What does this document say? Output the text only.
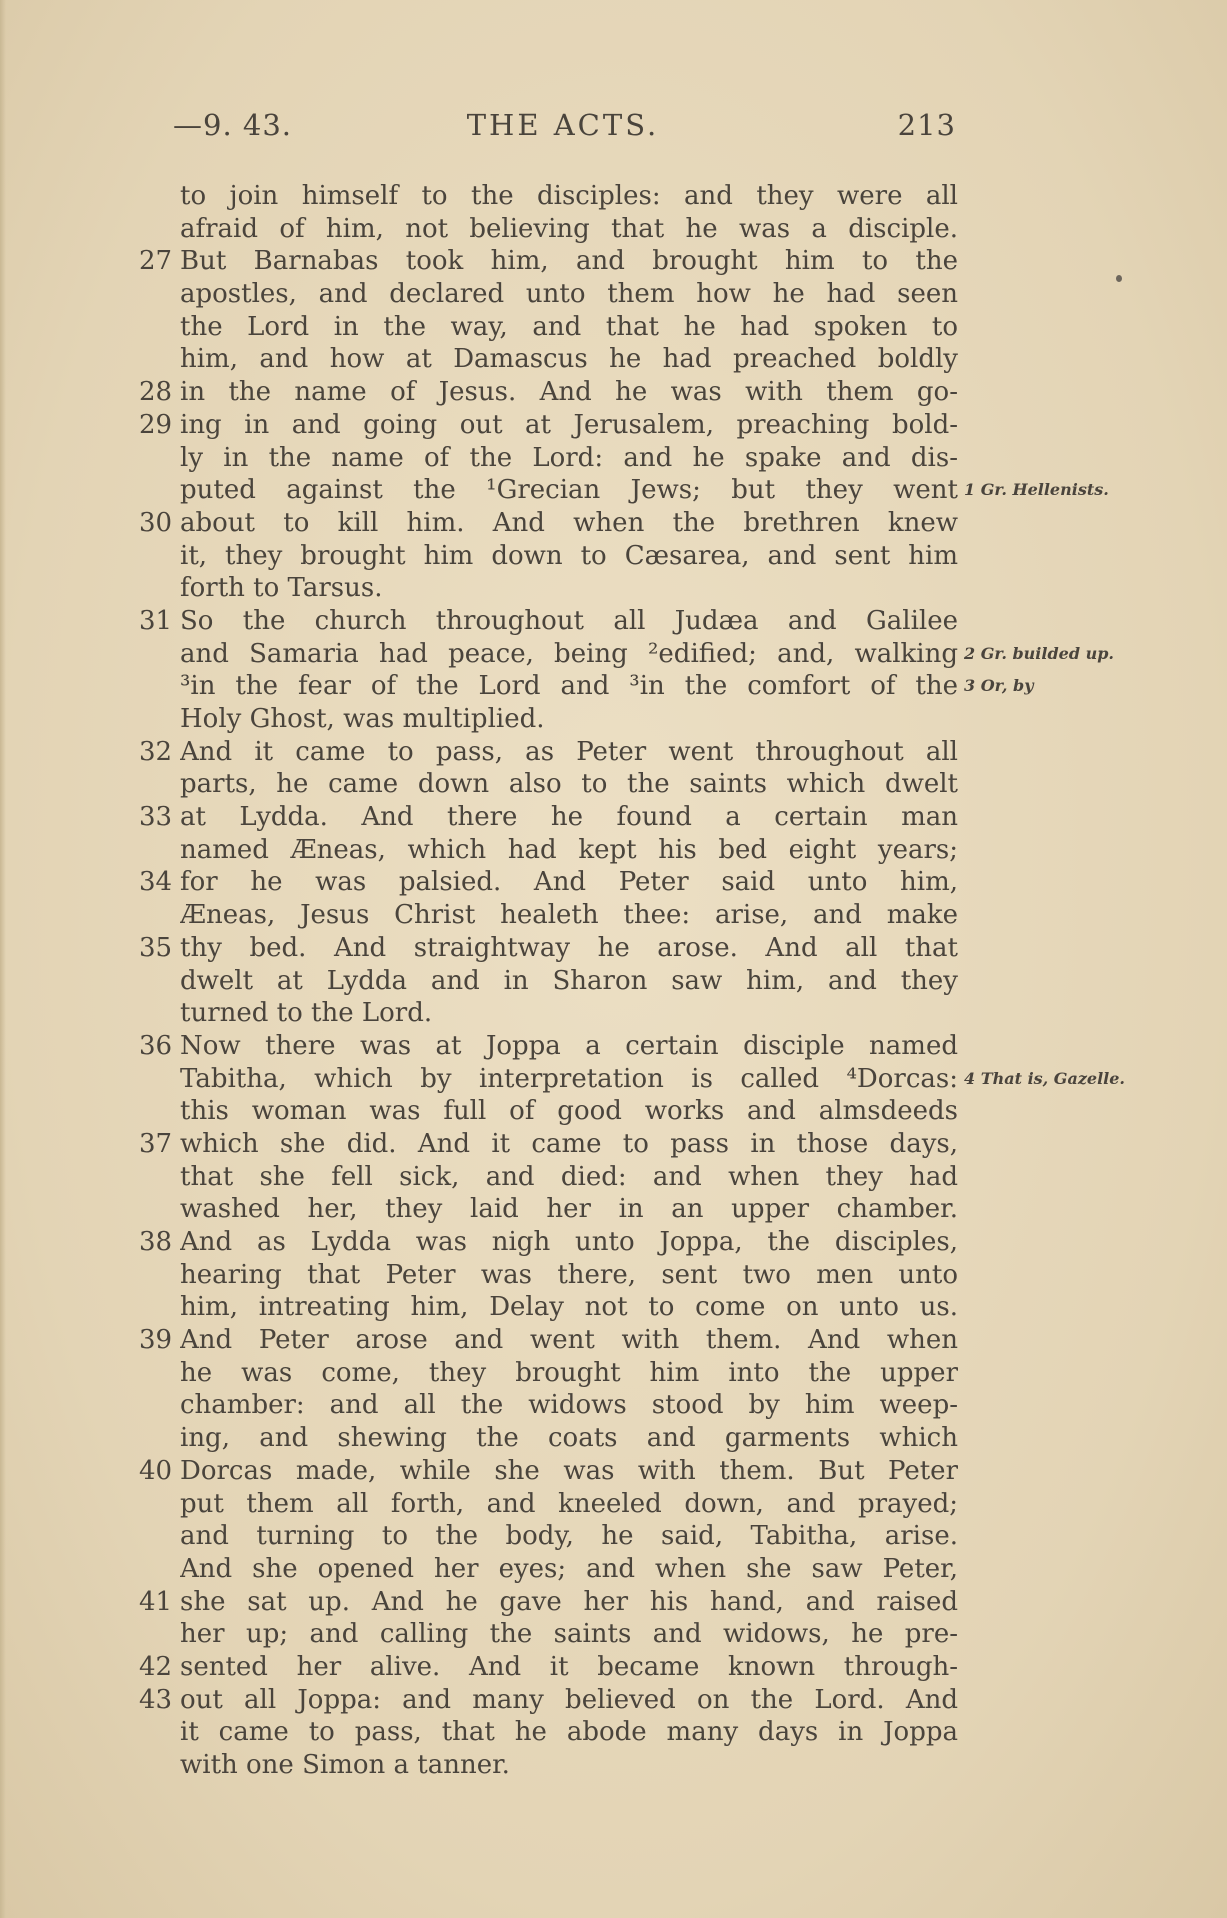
—9. 43.	THE ACTS.	213
to join himself to the disciples: and they were all
afraid of him, not believing that he was a disciple.
27 But Barnabas took him, and brought him to the
apostles, and declared unto them how he had seen
the Lord in the way, and that he had spoken to
him, and how at Damascus he had preached boldly
28 in the name of Jesus. And he was with them go-
29 ing in and going out at Jerusalem, preaching bold-
ly in the name of the Lord: and he spake and dis-
puted against the ¹Grecian Jews; but they went 1 Gr. Hellenists.
30 about to kill him. And when the brethren knew
it, they brought him down to Cæsarea, and sent him
forth to Tarsus.
31 So the church throughout all Judæa and Galilee
and Samaria had peace, being ²edified; and, walking 2 Gr. builded up.
³in the fear of the Lord and ³in the comfort of the 3 Or, by
Holy Ghost, was multiplied.
32 And it came to pass, as Peter went throughout all
parts, he came down also to the saints which dwelt
33 at Lydda. And there he found a certain man
named Æneas, which had kept his bed eight years;
34 for he was palsied. And Peter said unto him,
Æneas, Jesus Christ healeth thee: arise, and make
35 thy bed. And straightway he arose. And all that
dwelt at Lydda and in Sharon saw him, and they
turned to the Lord.
36 Now there was at Joppa a certain disciple named
Tabitha, which by interpretation is called ⁴Dorcas: 4 That is, Gazelle.
this woman was full of good works and almsdeeds
37 which she did. And it came to pass in those days,
that she fell sick, and died: and when they had
washed her, they laid her in an upper chamber.
38 And as Lydda was nigh unto Joppa, the disciples,
hearing that Peter was there, sent two men unto
him, intreating him, Delay not to come on unto us.
39 And Peter arose and went with them. And when
he was come, they brought him into the upper
chamber: and all the widows stood by him weep-
ing, and shewing the coats and garments which
40 Dorcas made, while she was with them. But Peter
put them all forth, and kneeled down, and prayed;
and turning to the body, he said, Tabitha, arise.
And she opened her eyes; and when she saw Peter,
41 she sat up. And he gave her his hand, and raised
her up; and calling the saints and widows, he pre-
42 sented her alive. And it became known through-
43 out all Joppa: and many believed on the Lord. And
it came to pass, that he abode many days in Joppa
with one Simon a tanner.
